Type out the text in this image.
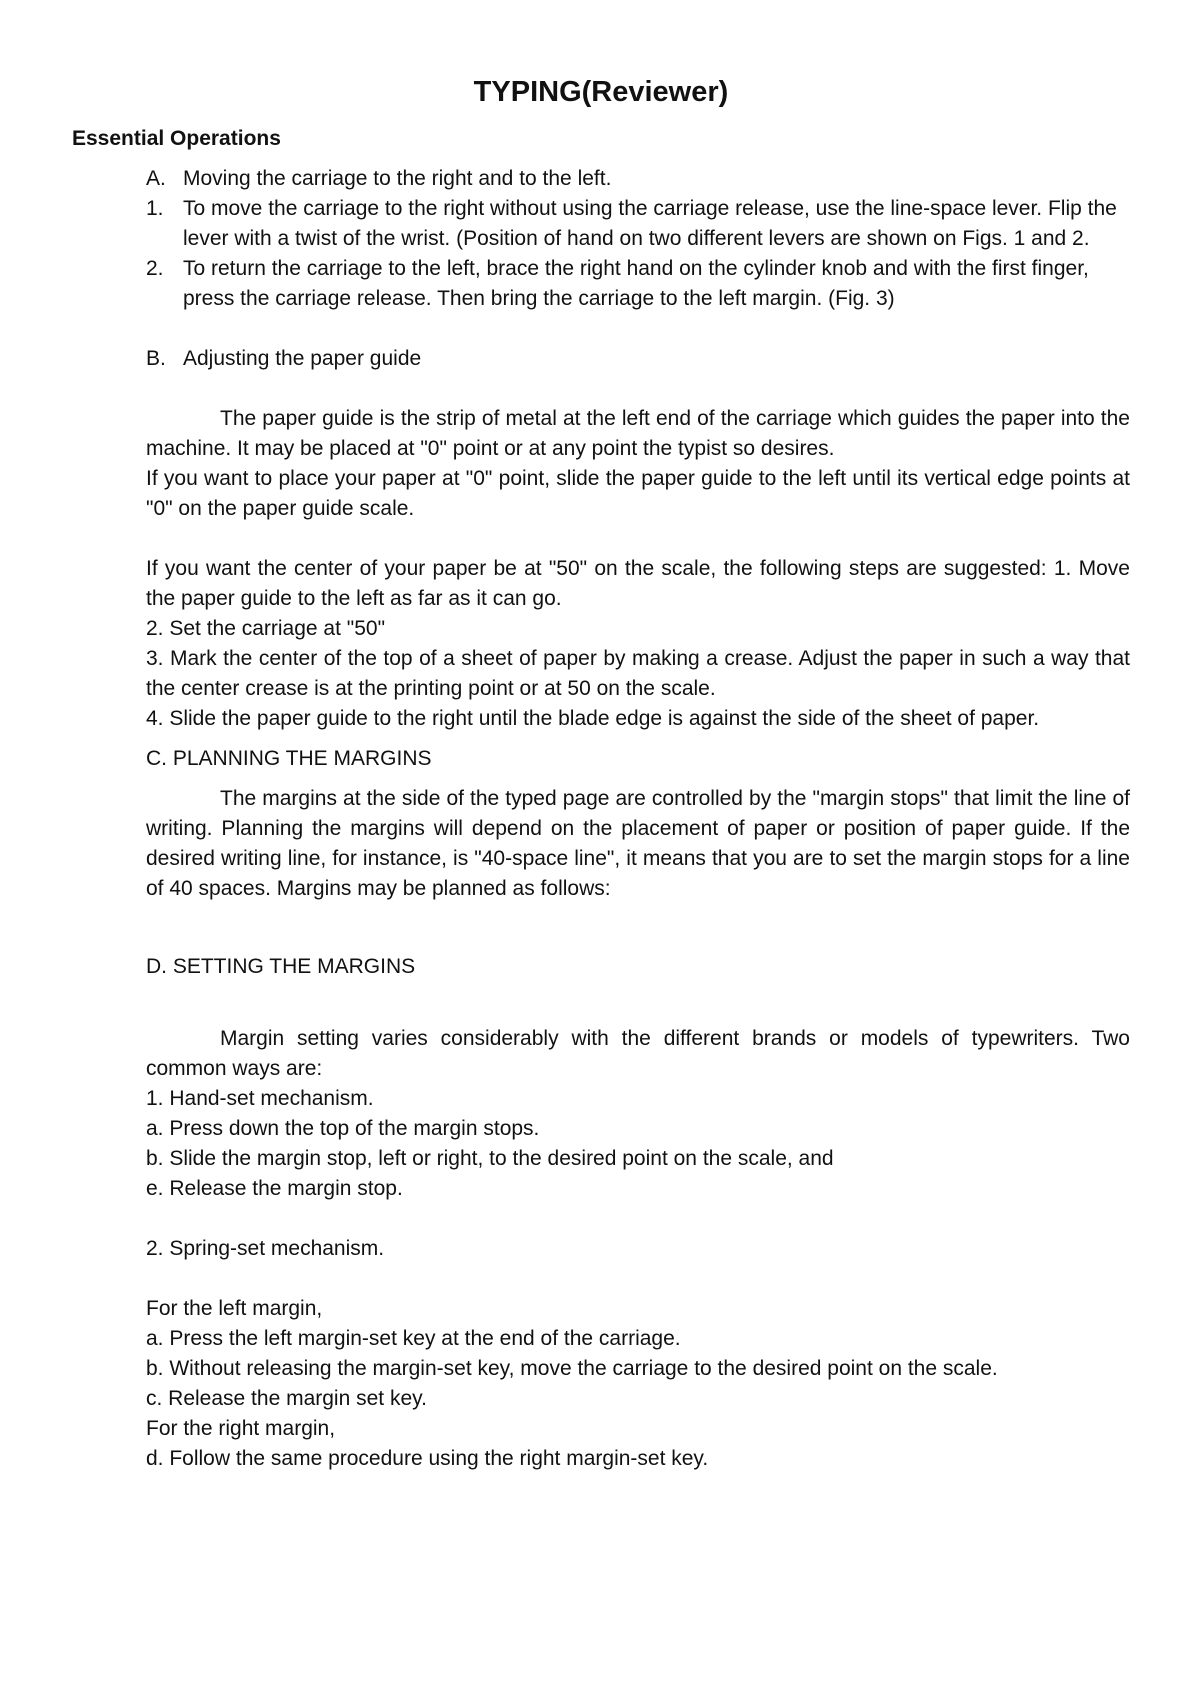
TYPING(Reviewer)
Essential Operations
A. Moving the carriage to the right and to the left.
1. To move the carriage to the right without using the carriage release, use the line-space lever. Flip the lever with a twist of the wrist. (Position of hand on two different levers are shown on Figs. 1 and 2.
2. To return the carriage to the left, brace the right hand on the cylinder knob and with the first finger, press the carriage release. Then bring the carriage to the left margin. (Fig. 3)
B. Adjusting the paper guide

The paper guide is the strip of metal at the left end of the carriage which guides the paper into the machine. It may be placed at "0" point or at any point the typist so desires.

If you want to place your paper at "0" point, slide the paper guide to the left until its vertical edge points at "0" on the paper guide scale.

If you want the center of your paper be at "50" on the scale, the following steps are suggested: 1. Move the paper guide to the left as far as it can go.

2. Set the carriage at "50"

3. Mark the center of the top of a sheet of paper by making a crease. Adjust the paper in such a way that the center crease is at the printing point or at 50 on the scale.

4. Slide the paper guide to the right until the blade edge is against the side of the sheet of paper.

C. PLANNING THE MARGINS

The margins at the side of the typed page are controlled by the "margin stops" that limit the line of writing. Planning the margins will depend on the placement of paper or position of paper guide. If the desired writing line, for instance, is "40-space line", it means that you are to set the margin stops for a line of 40 spaces. Margins may be planned as follows:

D. SETTING THE MARGINS

Margin setting varies considerably with the different brands or models of typewriters. Two common ways are:

1. Hand-set mechanism.

a. Press down the top of the margin stops.

b. Slide the margin stop, left or right, to the desired point on the scale, and

e. Release the margin stop.

2. Spring-set mechanism.

For the left margin,

a. Press the left margin-set key at the end of the carriage.

b. Without releasing the margin-set key, move the carriage to the desired point on the scale.

c. Release the margin set key.

For the right margin,

d. Follow the same procedure using the right margin-set key.
